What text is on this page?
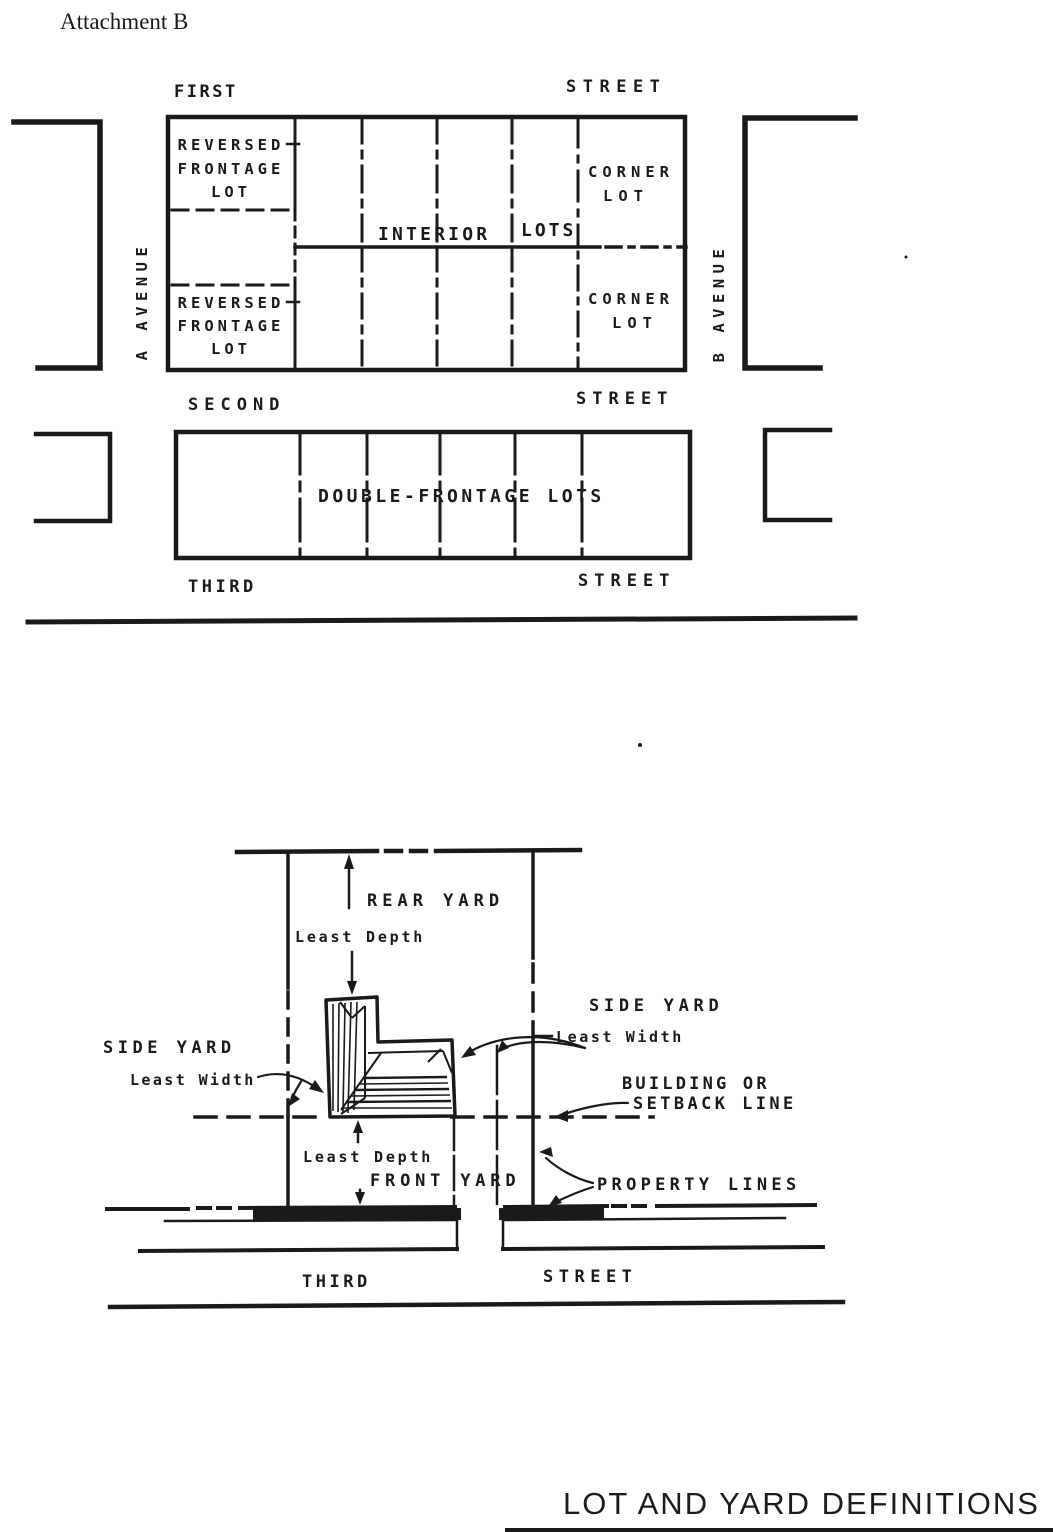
Attachment B
FIRST	STREET
A AVENUE	B AVENUE
REVERSED
FRONTAGE
LOT
REVERSED
FRONTAGE
LOT
INTERIOR LOTS
CORNER
LOT
CORNER
LOT
SECOND	STREET
DOUBLE-FRONTAGE LOTS
THIRD	STREET
REAR YARD
Least Depth
SIDE YARD
Least Width
SIDE YARD
Least Width
BUILDING OR
SETBACK LINE
Least Depth
FRONT YARD	PROPERTY LINES
THIRD	STREET
LOT AND YARD DEFINITIONS
